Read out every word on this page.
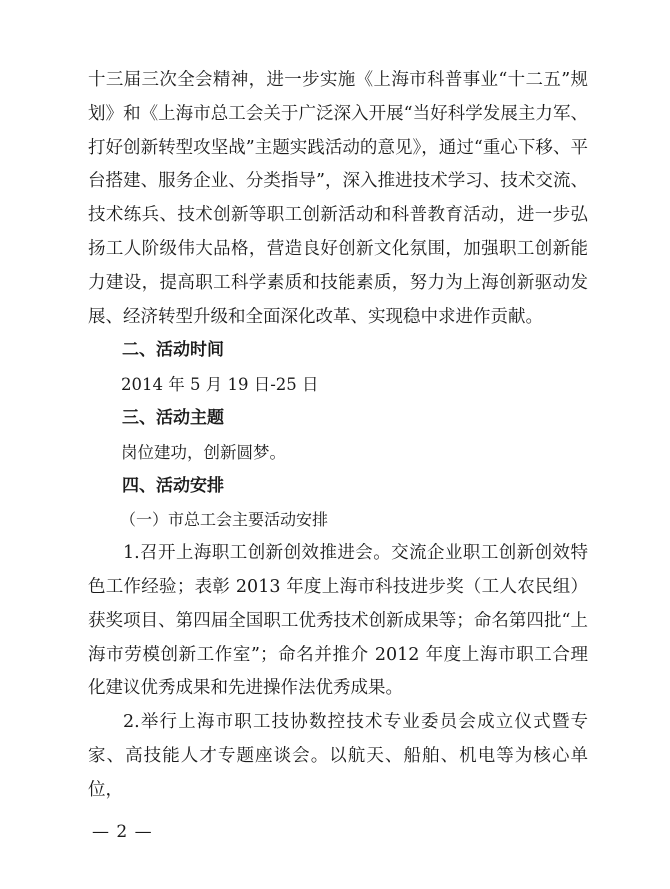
十三届三次全会精神，进一步实施《上海市科普事业“十二五”规划》和《上海市总工会关于广泛深入开展“当好科学发展主力军、打好创新转型攻坚战”主题实践活动的意见》，通过“重心下移、平台搭建、服务企业、分类指导”，深入推进技术学习、技术交流、技术练兵、技术创新等职工创新活动和科普教育活动，进一步弘扬工人阶级伟大品格，营造良好创新文化氛围，加强职工创新能力建设，提高职工科学素质和技能素质，努力为上海创新驱动发展、经济转型升级和全面深化改革、实现稳中求进作贡献。

二、活动时间

2014 年 5 月 19 日-25 日

三、活动主题

岗位建功，创新圆梦。

四、活动安排

（一）市总工会主要活动安排

1.召开上海职工创新创效推进会。交流企业职工创新创效特色工作经验；表彰 2013 年度上海市科技进步奖（工人农民组）获奖项目、第四届全国职工优秀技术创新成果等；命名第四批“上海市劳模创新工作室”；命名并推介 2012 年度上海市职工合理化建议优秀成果和先进操作法优秀成果。

2.举行上海市职工技协数控技术专业委员会成立仪式暨专家、高技能人才专题座谈会。以航天、船舶、机电等为核心单位，

— 2 —
